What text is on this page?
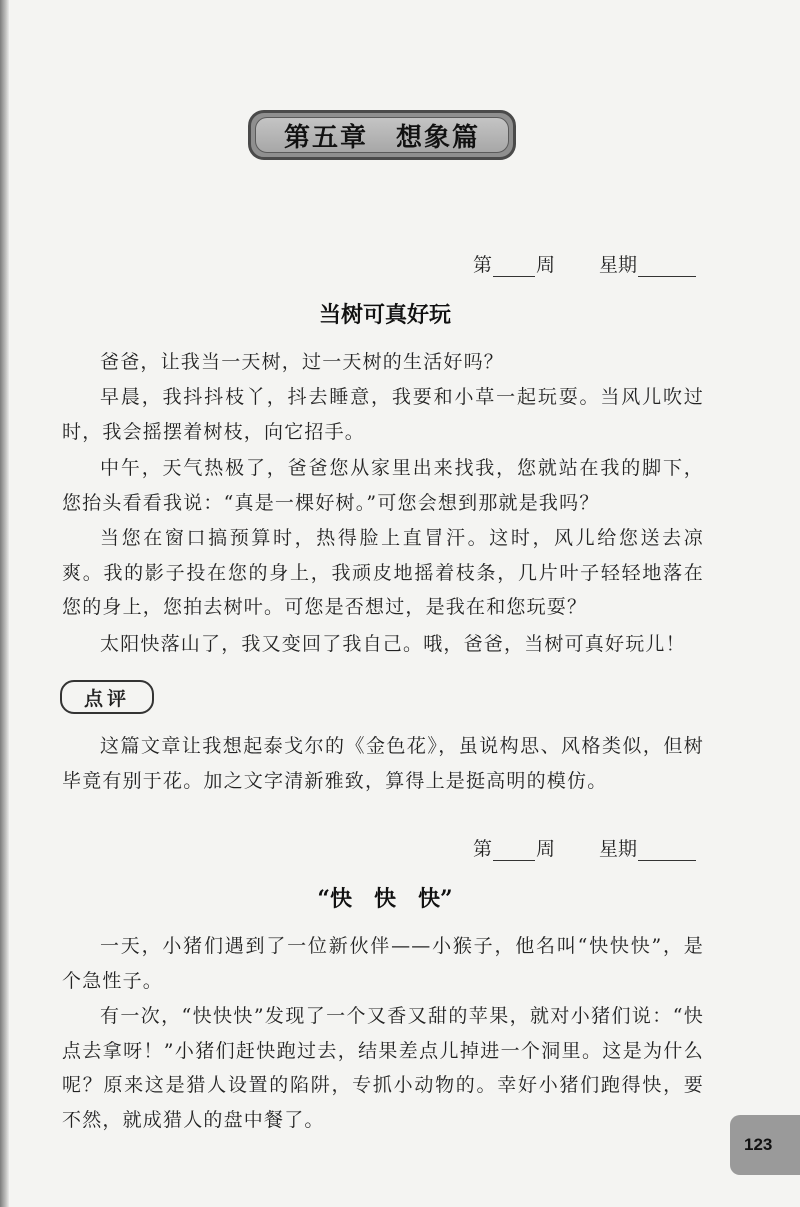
第五章　想象篇
第 周 星期
当树可真好玩

爸爸，让我当一天树，过一天树的生活好吗？

早晨，我抖抖枝丫，抖去睡意，我要和小草一起玩耍。当风儿吹过时，我会摇摆着树枝，向它招手。

中午，天气热极了，爸爸您从家里出来找我，您就站在我的脚下，您抬头看看我说：“真是一棵好树。”可您会想到那就是我吗？

当您在窗口搞预算时，热得脸上直冒汗。这时，风儿给您送去凉爽。我的影子投在您的身上，我顽皮地摇着枝条，几片叶子轻轻地落在您的身上，您拍去树叶。可您是否想过，是我在和您玩耍？

太阳快落山了，我又变回了我自己。哦，爸爸，当树可真好玩儿！

点评

这篇文章让我想起泰戈尔的《金色花》，虽说构思、风格类似，但树毕竟有别于花。加之文字清新雅致，算得上是挺高明的模仿。

第 周 星期
“快　快　快”

一天，小猪们遇到了一位新伙伴——小猴子，他名叫“快快快”，是个急性子。

有一次，“快快快”发现了一个又香又甜的苹果，就对小猪们说：“快点去拿呀！”小猪们赶快跑过去，结果差点儿掉进一个洞里。这是为什么呢？原来这是猎人设置的陷阱，专抓小动物的。幸好小猪们跑得快，要不然，就成猎人的盘中餐了。

123
